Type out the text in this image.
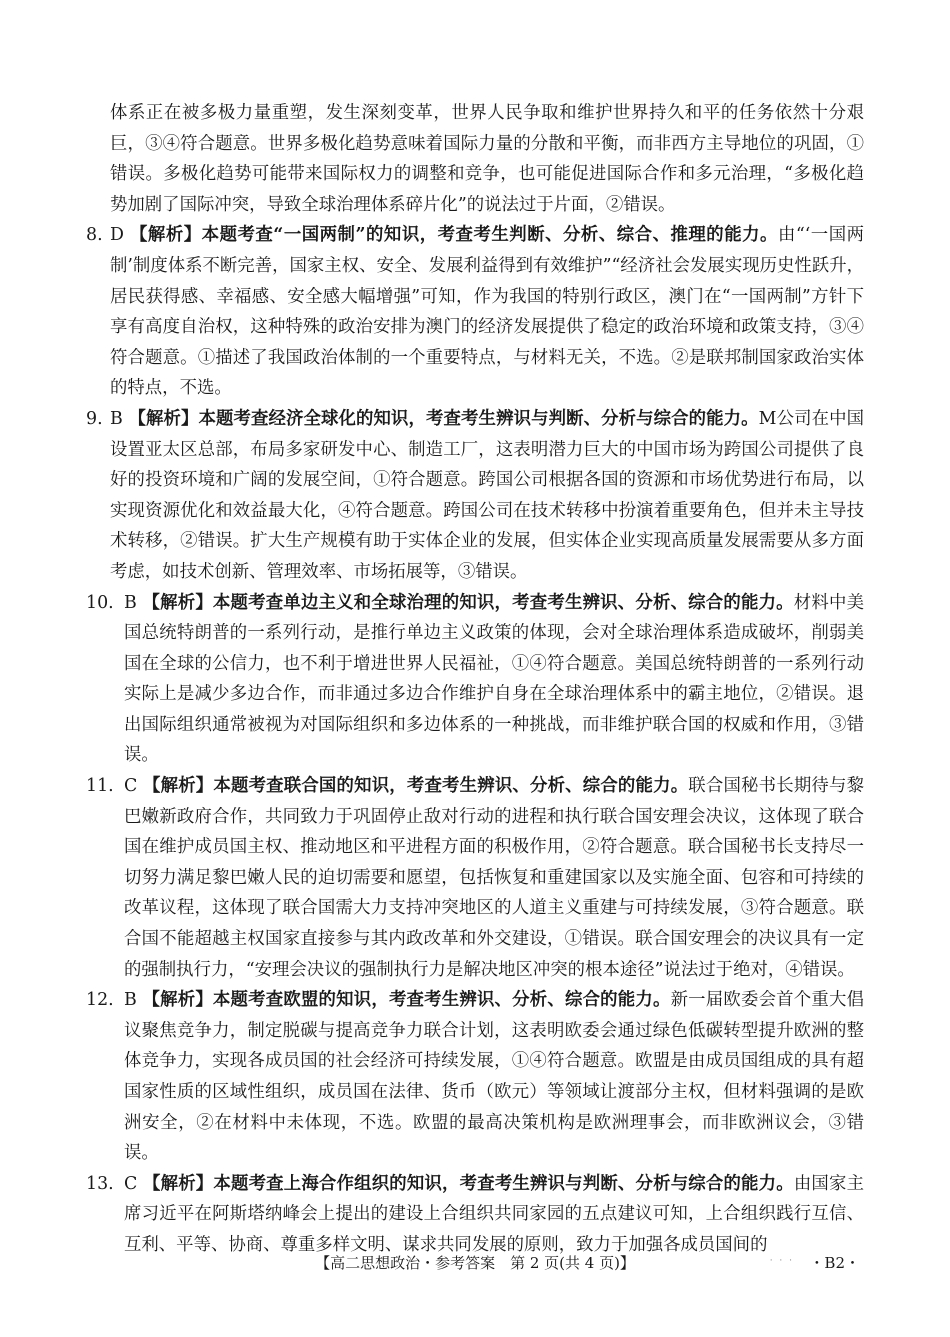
体系正在被多极力量重塑，发生深刻变革，世界人民争取和维护世界持久和平的任务依然十分艰巨，③④符合题意。世界多极化趋势意味着国际力量的分散和平衡，而非西方主导地位的巩固，①错误。多极化趋势可能带来国际权力的调整和竞争，也可能促进国际合作和多元治理，“多极化趋势加剧了国际冲突，导致全球治理体系碎片化”的说法过于片面，②错误。

8. D 【解析】本题考查“一国两制”的知识，考查考生判断、分析、综合、推理的能力。由“‘一国两制’制度体系不断完善，国家主权、安全、发展利益得到有效维护”“经济社会发展实现历史性跃升，居民获得感、幸福感、安全感大幅增强”可知，作为我国的特别行政区，澳门在“一国两制”方针下享有高度自治权，这种特殊的政治安排为澳门的经济发展提供了稳定的政治环境和政策支持，③④符合题意。①描述了我国政治体制的一个重要特点，与材料无关，不选。②是联邦制国家政治实体的特点，不选。

9. B 【解析】本题考查经济全球化的知识，考查考生辨识与判断、分析与综合的能力。M公司在中国设置亚太区总部，布局多家研发中心、制造工厂，这表明潜力巨大的中国市场为跨国公司提供了良好的投资环境和广阔的发展空间，①符合题意。跨国公司根据各国的资源和市场优势进行布局，以实现资源优化和效益最大化，④符合题意。跨国公司在技术转移中扮演着重要角色，但并未主导技术转移，②错误。扩大生产规模有助于实体企业的发展，但实体企业实现高质量发展需要从多方面考虑，如技术创新、管理效率、市场拓展等，③错误。

10. B 【解析】本题考查单边主义和全球治理的知识，考查考生辨识、分析、综合的能力。材料中美国总统特朗普的一系列行动，是推行单边主义政策的体现，会对全球治理体系造成破坏，削弱美国在全球的公信力，也不利于增进世界人民福祉，①④符合题意。美国总统特朗普的一系列行动实际上是减少多边合作，而非通过多边合作维护自身在全球治理体系中的霸主地位，②错误。退出国际组织通常被视为对国际组织和多边体系的一种挑战，而非维护联合国的权威和作用，③错误。

11. C 【解析】本题考查联合国的知识，考查考生辨识、分析、综合的能力。联合国秘书长期待与黎巴嫩新政府合作，共同致力于巩固停止敌对行动的进程和执行联合国安理会决议，这体现了联合国在维护成员国主权、推动地区和平进程方面的积极作用，②符合题意。联合国秘书长支持尽一切努力满足黎巴嫩人民的迫切需要和愿望，包括恢复和重建国家以及实施全面、包容和可持续的改革议程，这体现了联合国需大力支持冲突地区的人道主义重建与可持续发展，③符合题意。联合国不能超越主权国家直接参与其内政改革和外交建设，①错误。联合国安理会的决议具有一定的强制执行力，“安理会决议的强制执行力是解决地区冲突的根本途径”说法过于绝对，④错误。

12. B 【解析】本题考查欧盟的知识，考查考生辨识、分析、综合的能力。新一届欧委会首个重大倡议聚焦竞争力，制定脱碳与提高竞争力联合计划，这表明欧委会通过绿色低碳转型提升欧洲的整体竞争力，实现各成员国的社会经济可持续发展，①④符合题意。欧盟是由成员国组成的具有超国家性质的区域性组织，成员国在法律、货币（欧元）等领域让渡部分主权，但材料强调的是欧洲安全，②在材料中未体现，不选。欧盟的最高决策机构是欧洲理事会，而非欧洲议会，③错误。

13. C 【解析】本题考查上海合作组织的知识，考查考生辨识与判断、分析与综合的能力。由国家主席习近平在阿斯塔纳峰会上提出的建设上合组织共同家园的五点建议可知，上合组织践行互信、互利、平等、协商、尊重多样文明、谋求共同发展的原则，致力于加强各成员国间的

【高二思想政治・参考答案　第 2 页(共 4 页)】	· · · ・B2・
